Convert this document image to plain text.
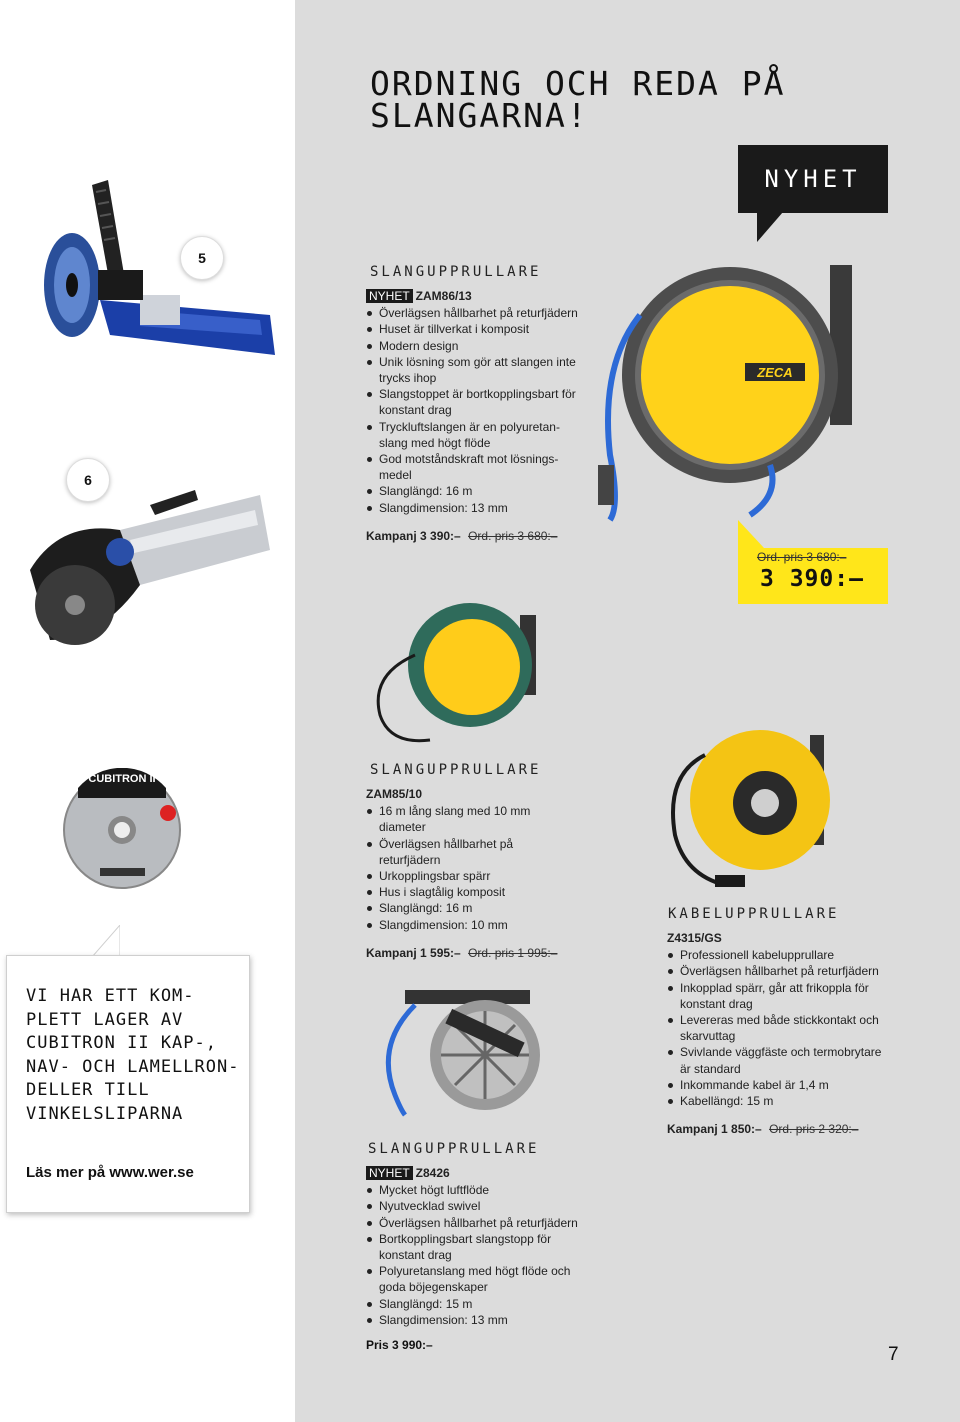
ORDNING OCH REDA PÅ SLANGARNA!
NYHET
5
6
ZECA
SLANGUPPRULLARE
NYHET ZAM86/13
Överlägsen hållbarhet på returfjädern
Huset är tillverkat i komposit
Modern design
Unik lösning som gör att slangen inte trycks ihop
Slangstoppet är bortkopplingsbart för konstant drag
Tryckluftslangen är en polyuretan-slang med högt flöde
God motståndskraft mot lösnings-medel
Slanglängd: 16 m
Slangdimension: 13 mm
Kampanj 3 390:– Ord. pris 3 680:–
Ord. pris 3 680:–
3 390:–
SLANGUPPRULLARE
ZAM85/10
16 m lång slang med 10 mm diameter
Överlägsen hållbarhet på returfjädern
Urkopplingsbar spärr
Hus i slagtålig komposit
Slanglängd: 16 m
Slangdimension: 10 mm
Kampanj 1 595:– Ord. pris 1 995:–
KABELUPPRULLARE
Z4315/GS
Professionell kabelupprullare
Överlägsen hållbarhet på returfjädern
Inkopplad spärr, går att frikoppla för konstant drag
Levereras med både stickkontakt och skarvuttag
Svivlande väggfäste och termobrytare är standard
Inkommande kabel är 1,4 m
Kabellängd: 15 m
Kampanj 1 850:– Ord. pris 2 320:–
SLANGUPPRULLARE
NYHET Z8426
Mycket högt luftflöde
Nyutvecklad swivel
Överlägsen hållbarhet på returfjädern
Bortkopplingsbart slangstopp för konstant drag
Polyuretanslang med högt flöde och goda böjegenskaper
Slanglängd: 15 m
Slangdimension: 13 mm
Pris 3 990:–
CUBITRON II
VI HAR ETT KOM-PLETT LAGER AV CUBITRON II KAP-, NAV- OCH LAMELLRON-DELLER TILL VINKELSLIPARNA
Läs mer på www.wer.se
7
